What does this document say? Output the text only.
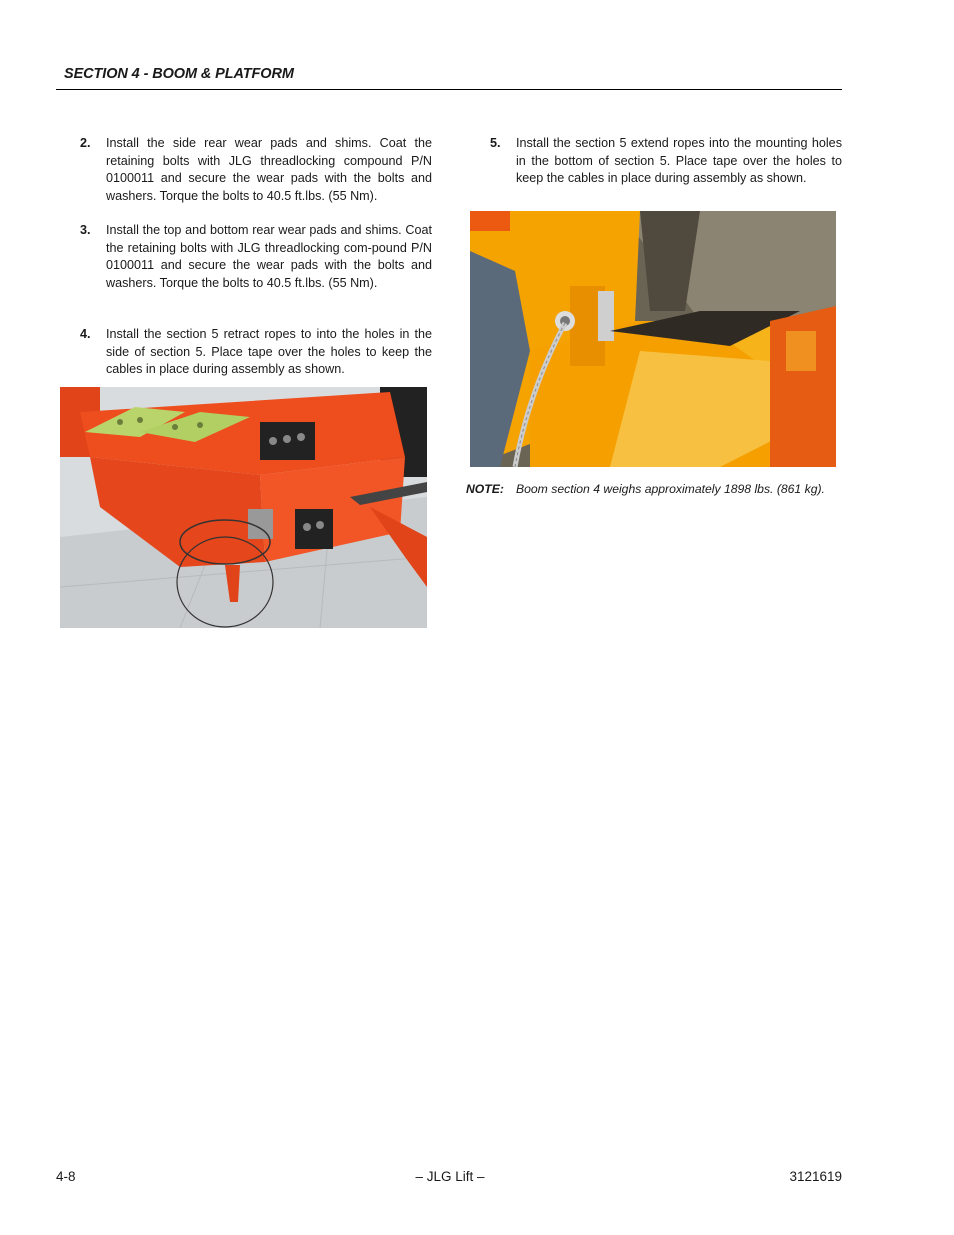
SECTION 4 - BOOM & PLATFORM
2. Install the side rear wear pads and shims. Coat the retaining bolts with JLG threadlocking compound P/N 0100011 and secure the wear pads with the bolts and washers. Torque the bolts to 40.5 ft.lbs. (55 Nm).
3. Install the top and bottom rear wear pads and shims. Coat the retaining bolts with JLG threadlocking com-pound P/N 0100011 and secure the wear pads with the bolts and washers. Torque the bolts to 40.5 ft.lbs. (55 Nm).
4. Install the section 5 retract ropes to into the holes in the side of section 5. Place tape over the holes to keep the cables in place during assembly as shown.
5. Install the section 5 extend ropes into the mounting holes in the bottom of section 5. Place tape over the holes to keep the cables in place during assembly as shown.
NOTE: Boom section 4 weighs approximately 1898 lbs. (861 kg).
4-8	– JLG Lift –	3121619
